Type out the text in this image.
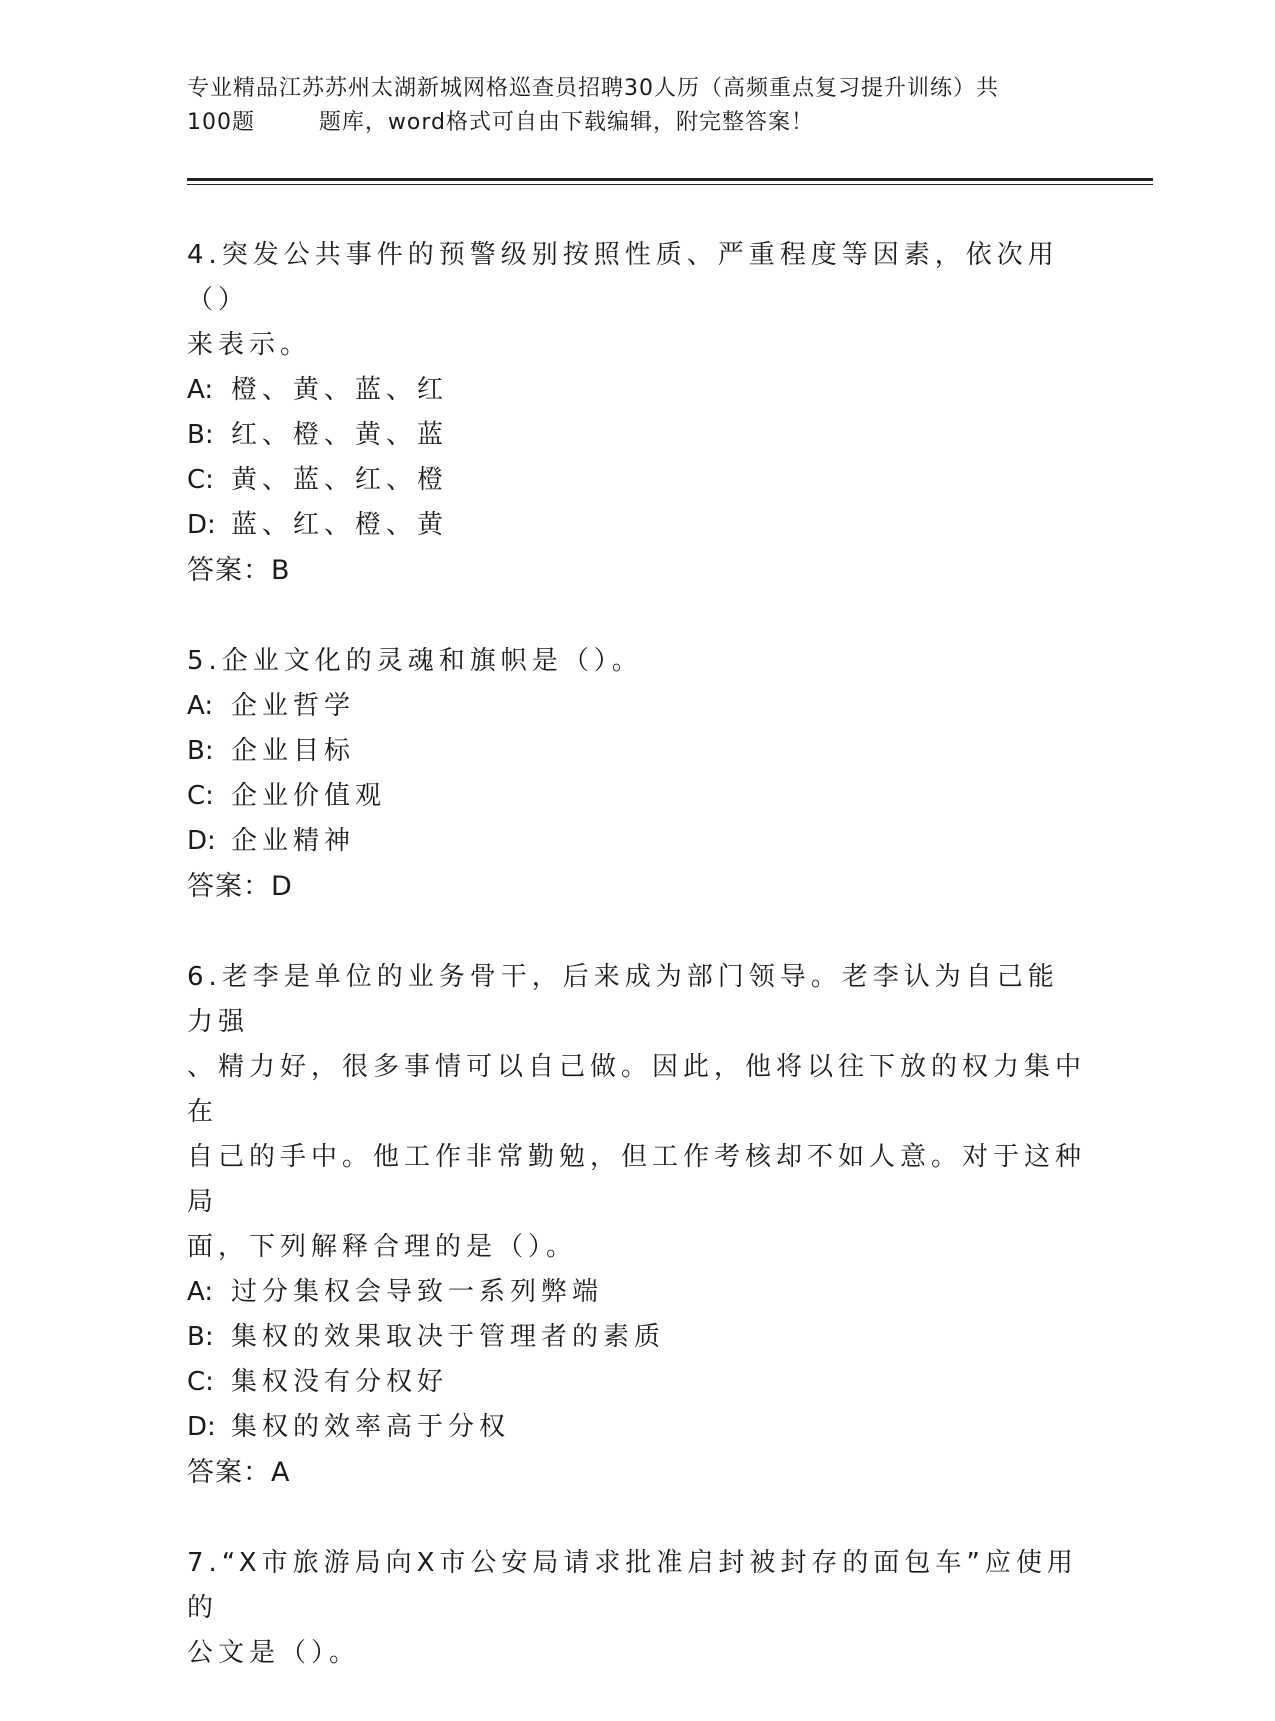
专业精品江苏苏州太湖新城网格巡查员招聘30人历（高频重点复习提升训练）共
100题        题库，word格式可自由下载编辑，附完整答案！
4.突发公共事件的预警级别按照性质、严重程度等因素，依次用（）
来表示。
A: 橙、黄、蓝、红
B: 红、橙、黄、蓝
C: 黄、蓝、红、橙
D: 蓝、红、橙、黄
答案：B
5.企业文化的灵魂和旗帜是（）。
A: 企业哲学
B: 企业目标
C: 企业价值观
D: 企业精神
答案：D
6.老李是单位的业务骨干，后来成为部门领导。老李认为自己能力强
、精力好，很多事情可以自己做。因此，他将以往下放的权力集中在
自己的手中。他工作非常勤勉，但工作考核却不如人意。对于这种局
面，下列解释合理的是（）。
A: 过分集权会导致一系列弊端
B: 集权的效果取决于管理者的素质
C: 集权没有分权好
D: 集权的效率高于分权
答案：A
7.“X市旅游局向X市公安局请求批准启封被封存的面包车”应使用的
公文是（）。
